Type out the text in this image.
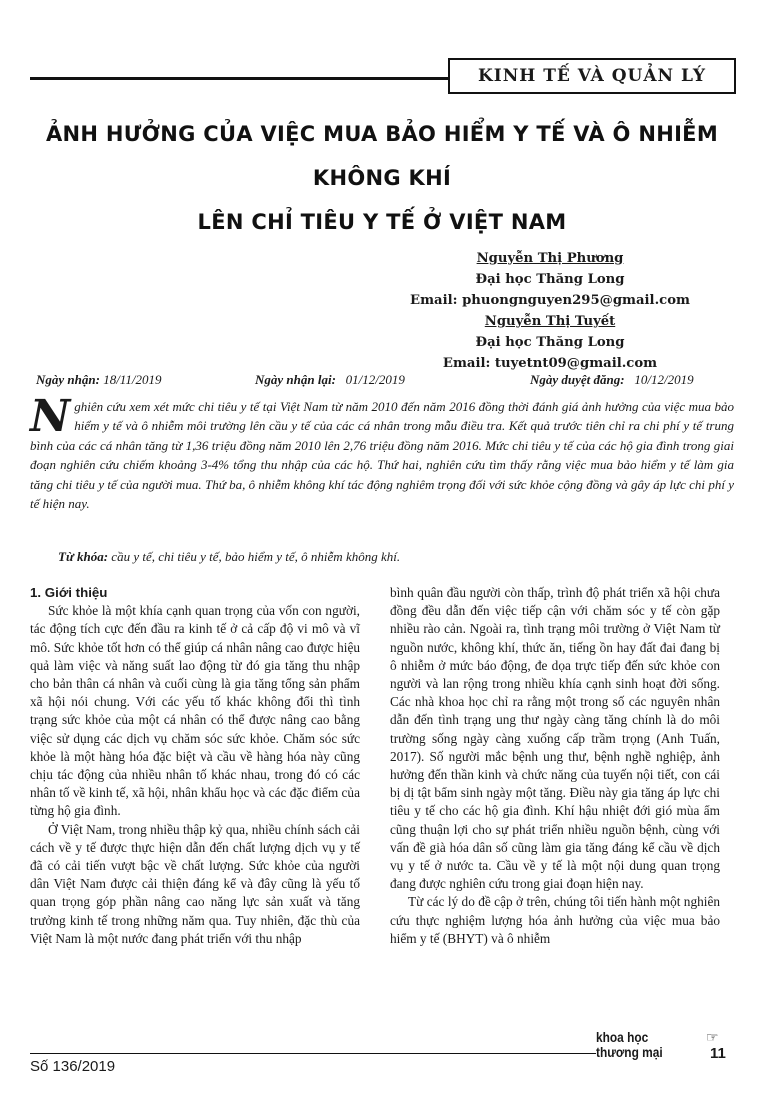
KINH TẾ VÀ QUẢN LÝ
ẢNH HƯỞNG CỦA VIỆC MUA BẢO HIỂM Y TẾ VÀ Ô NHIỄM KHÔNG KHÍ
LÊN CHỈ TIÊU Y TẾ Ở VIỆT NAM
Nguyễn Thị Phương
Đại học Thăng Long
Email: phuongnguyen295@gmail.com
Nguyễn Thị Tuyết
Đại học Thăng Long
Email: tuyetnt09@gmail.com
Ngày nhận: 18/11/2019	Ngày nhận lại: 01/12/2019	Ngày duyệt đăng: 10/12/2019
Nghiên cứu xem xét mức chi tiêu y tế tại Việt Nam từ năm 2010 đến năm 2016 đồng thời đánh giá ảnh hưởng của việc mua bảo hiểm y tế và ô nhiễm môi trường lên cầu y tế của các cá nhân trong mẫu điều tra. Kết quả trước tiên chỉ ra chi phí y tế trung bình của các cá nhân tăng từ 1,36 triệu đồng năm 2010 lên 2,76 triệu đồng năm 2016. Mức chi tiêu y tế của các hộ gia đình trong giai đoạn nghiên cứu chiếm khoảng 3-4% tổng thu nhập của các hộ. Thứ hai, nghiên cứu tìm thấy rằng việc mua bảo hiểm y tế làm gia tăng chi tiêu y tế của người mua. Thứ ba, ô nhiễm không khí tác động nghiêm trọng đối với sức khỏe cộng đồng và gây áp lực chi phí y tế hiện nay.
Từ khóa: cầu y tế, chi tiêu y tế, bảo hiểm y tế, ô nhiễm không khí.
1. Giới thiệu

Sức khỏe là một khía cạnh quan trọng của vốn con người, tác động tích cực đến đầu ra kinh tế ở cả cấp độ vi mô và vĩ mô. Sức khỏe tốt hơn có thể giúp cá nhân nâng cao được hiệu quả làm việc và năng suất lao động từ đó gia tăng thu nhập cho bản thân cá nhân và cuối cùng là gia tăng tổng sản phẩm xã hội nói chung. Với các yếu tố khác không đổi thì tình trạng sức khỏe của một cá nhân có thể được nâng cao bằng việc sử dụng các dịch vụ chăm sóc sức khỏe. Chăm sóc sức khỏe là một hàng hóa đặc biệt và cầu về hàng hóa này cũng chịu tác động của nhiều nhân tố khác nhau, trong đó có các nhân tố về kinh tế, xã hội, nhân khẩu học và các đặc điểm của từng hộ gia đình.

Ở Việt Nam, trong nhiều thập kỷ qua, nhiều chính sách cải cách về y tế được thực hiện dẫn đến chất lượng dịch vụ y tế đã có cải tiến vượt bậc về chất lượng. Sức khỏe của người dân Việt Nam được cải thiện đáng kể và đây cũng là yếu tố quan trọng góp phần nâng cao năng lực sản xuất và tăng trưởng kinh tế trong những năm qua. Tuy nhiên, đặc thù của Việt Nam là một nước đang phát triển với thu nhập

bình quân đầu người còn thấp, trình độ phát triển xã hội chưa đồng đều dẫn đến việc tiếp cận với chăm sóc y tế còn gặp nhiều rào cản. Ngoài ra, tình trạng môi trường ở Việt Nam từ nguồn nước, không khí, thức ăn, tiếng ồn hay đất đai đang bị ô nhiễm ở mức báo động, đe dọa trực tiếp đến sức khỏe con người và lan rộng trong nhiều khía cạnh sinh hoạt đời sống. Các nhà khoa học chỉ ra rằng một trong số các nguyên nhân dẫn đến tình trạng ung thư ngày càng tăng chính là do môi trường sống ngày càng xuống cấp trầm trọng (Anh Tuấn, 2017). Số người mắc bệnh ung thư, bệnh nghề nghiệp, ảnh hưởng đến thần kinh và chức năng của tuyến nội tiết, con cái bị dị tật bẩm sinh ngày một tăng. Điều này gia tăng áp lực chi tiêu y tế cho các hộ gia đình. Khí hậu nhiệt đới gió mùa ẩm cũng thuận lợi cho sự phát triển nhiều nguồn bệnh, cùng với vấn đề già hóa dân số cũng làm gia tăng đáng kể cầu về dịch vụ y tế ở nước ta. Cầu về y tế là một nội dung quan trọng đang được nghiên cứu trong giai đoạn hiện nay.

Từ các lý do đề cập ở trên, chúng tôi tiến hành một nghiên cứu thực nghiệm lượng hóa ảnh hưởng của việc mua bảo hiểm y tế (BHYT) và ô nhiễm

Số 136/2019
khoa học
thương mại
☞
11
